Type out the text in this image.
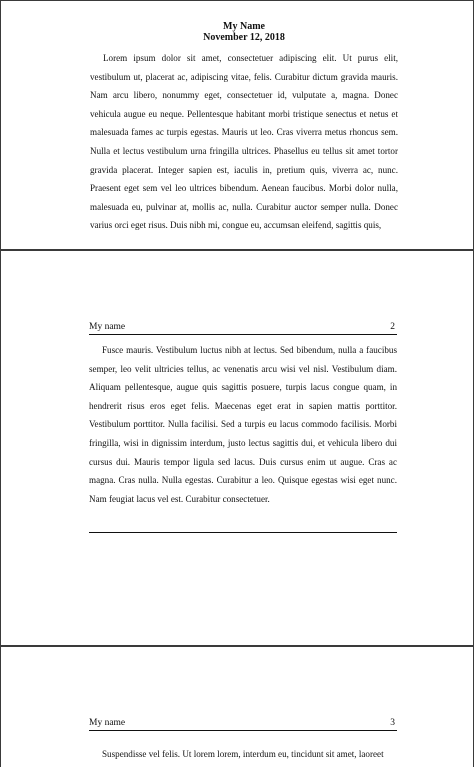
My Name
November 12, 2018

Lorem ipsum dolor sit amet, consectetuer adipiscing elit. Ut purus elit, vestibulum ut, placerat ac, adipiscing vitae, felis. Curabitur dictum gravida mauris. Nam arcu libero, nonummy eget, consectetuer id, vulputate a, magna. Donec vehicula augue eu neque. Pellentesque habitant morbi tristique senectus et netus et malesuada fames ac turpis egestas. Mauris ut leo. Cras viverra metus rhoncus sem. Nulla et lectus vestibulum urna fringilla ultrices. Phasellus eu tellus sit amet tortor gravida placerat. Integer sapien est, iaculis in, pretium quis, viverra ac, nunc. Praesent eget sem vel leo ultrices bibendum. Aenean faucibus. Morbi dolor nulla, malesuada eu, pulvinar at, mollis ac, nulla. Curabitur auctor semper nulla. Donec varius orci eget risus. Duis nibh mi, congue eu, accumsan eleifend, sagittis quis,

My name	2

Fusce mauris. Vestibulum luctus nibh at lectus. Sed bibendum, nulla a faucibus semper, leo velit ultricies tellus, ac venenatis arcu wisi vel nisl. Vestibulum diam. Aliquam pellentesque, augue quis sagittis posuere, turpis lacus congue quam, in hendrerit risus eros eget felis. Maecenas eget erat in sapien mattis porttitor. Vestibulum porttitor. Nulla facilisi. Sed a turpis eu lacus commodo facilisis. Morbi fringilla, wisi in dignissim interdum, justo lectus sagittis dui, et vehicula libero dui cursus dui. Mauris tempor ligula sed lacus. Duis cursus enim ut augue. Cras ac magna. Cras nulla. Nulla egestas. Curabitur a leo. Quisque egestas wisi eget nunc. Nam feugiat lacus vel est. Curabitur consectetuer.

My name	3

Suspendisse vel felis. Ut lorem lorem, interdum eu, tincidunt sit amet, laoreet
